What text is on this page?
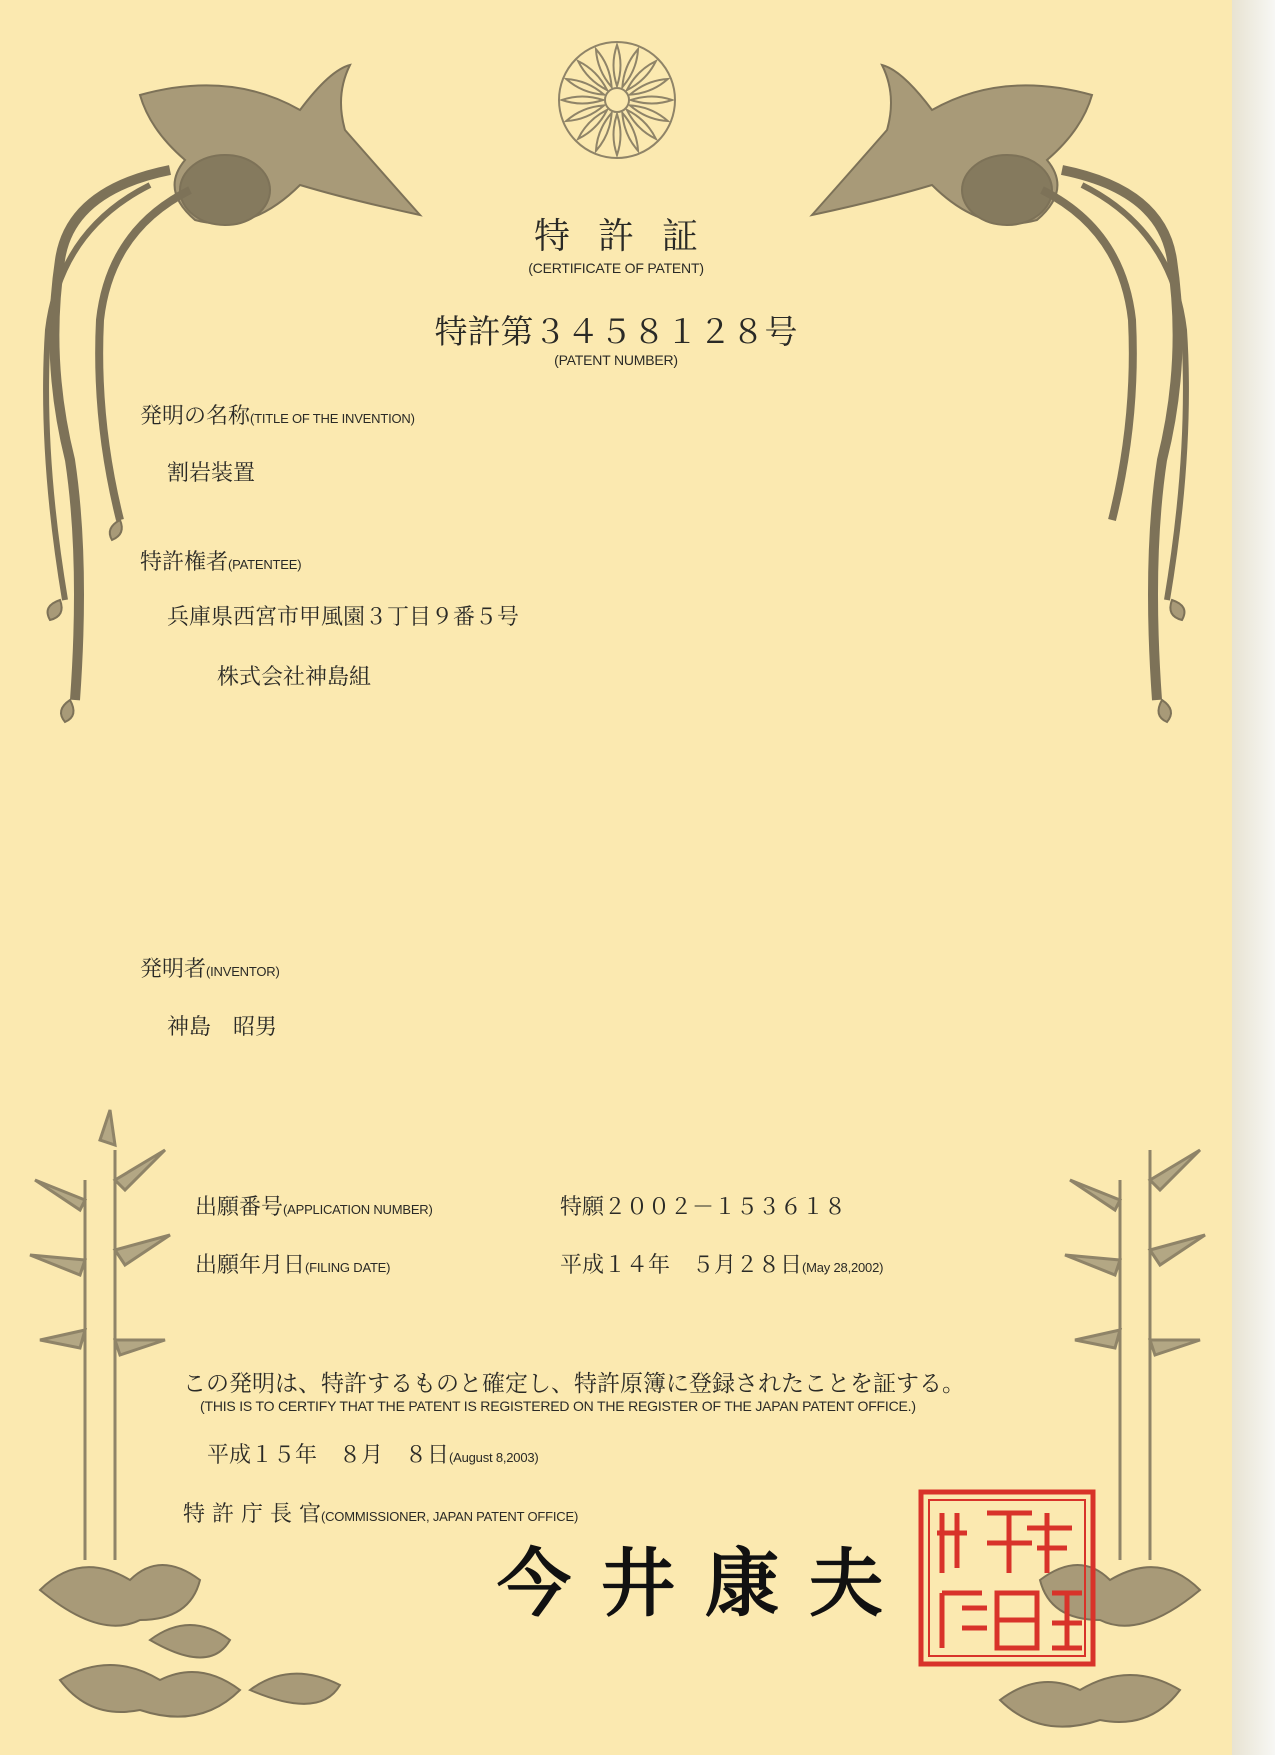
特許証
(CERTIFICATE OF PATENT)
特許第３４５８１２８号
(PATENT NUMBER)
発明の名称(TITLE OF THE INVENTION)
割岩装置
特許権者(PATENTEE)
兵庫県西宮市甲風園３丁目９番５号
株式会社神島組
発明者(INVENTOR)
神島　昭男
出願番号(APPLICATION NUMBER)	特願２００２－１５３６１８
出願年月日(FILING DATE)	平成１４年　５月２８日(May 28,2002)
この発明は、特許するものと確定し、特許原簿に登録されたことを証する。
(THIS IS TO CERTIFY THAT THE PATENT IS REGISTERED ON THE REGISTER OF THE JAPAN PATENT OFFICE.)
平成１５年　８月　８日(August 8,2003)
特 許 庁 長 官(COMMISSIONER, JAPAN PATENT OFFICE)
今井康夫
